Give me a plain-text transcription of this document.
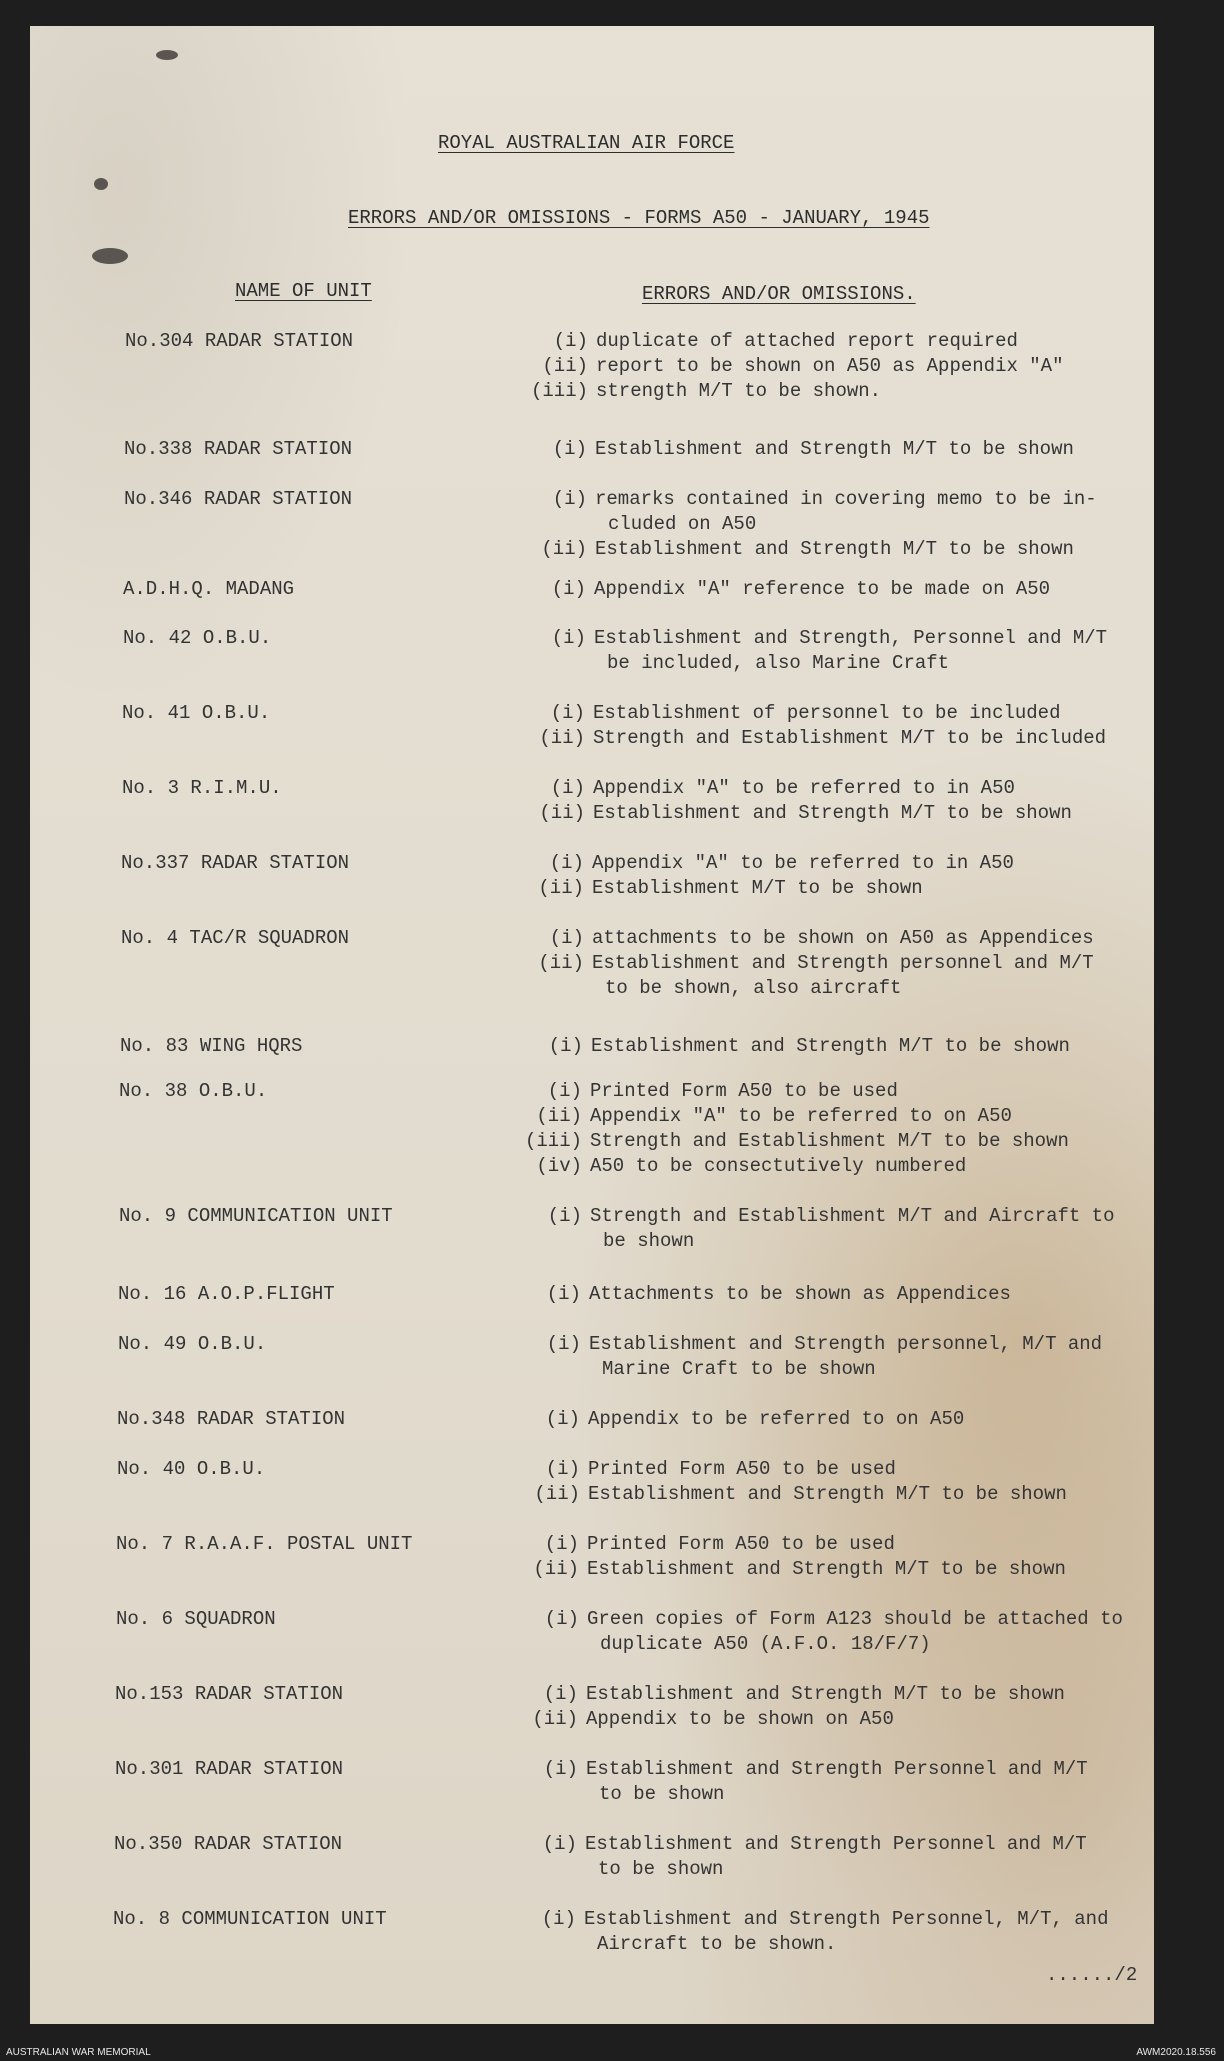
ROYAL AUSTRALIAN AIR FORCE
ERRORS AND/OR OMISSIONS - FORMS A50 - JANUARY, 1945
NAME OF UNIT	ERRORS AND/OR OMISSIONS.
No.304 RADAR STATION	(i) duplicate of attached report required
(ii) report to be shown on A50 as Appendix "A"
(iii) strength M/T to be shown.
No.338 RADAR STATION	(i) Establishment and Strength M/T to be shown
No.346 RADAR STATION	(i) remarks contained in covering memo to be in-
cluded on A50
(ii) Establishment and Strength M/T to be shown
A.D.H.Q. MADANG	(i) Appendix "A" reference to be made on A50
No. 42 O.B.U.	(i) Establishment and Strength, Personnel and M/T
be included, also Marine Craft
No. 41 O.B.U.	(i) Establishment of personnel to be included
(ii) Strength and Establishment M/T to be included
No. 3 R.I.M.U.	(i) Appendix "A" to be referred to in A50
(ii) Establishment and Strength M/T to be shown
No.337 RADAR STATION	(i) Appendix "A" to be referred to in A50
(ii) Establishment M/T to be shown
No. 4 TAC/R SQUADRON	(i) attachments to be shown on A50 as Appendices
(ii) Establishment and Strength personnel and M/T
to be shown, also aircraft
No. 83 WING HQRS	(i) Establishment and Strength M/T to be shown
No. 38 O.B.U.	(i) Printed Form A50 to be used
(ii) Appendix "A" to be referred to on A50
(iii) Strength and Establishment M/T to be shown
(iv) A50 to be consectutively numbered
No. 9 COMMUNICATION UNIT	(i) Strength and Establishment M/T and Aircraft to
be shown
No. 16 A.O.P.FLIGHT	(i) Attachments to be shown as Appendices
No. 49 O.B.U.	(i) Establishment and Strength personnel, M/T and
Marine Craft to be shown
No.348 RADAR STATION	(i) Appendix to be referred to on A50
No. 40 O.B.U.	(i) Printed Form A50 to be used
(ii) Establishment and Strength M/T to be shown
No. 7 R.A.A.F. POSTAL UNIT	(i) Printed Form A50 to be used
(ii) Establishment and Strength M/T to be shown
No. 6 SQUADRON	(i) Green copies of Form A123 should be attached to
duplicate A50 (A.F.O. 18/F/7)
No.153 RADAR STATION	(i) Establishment and Strength M/T to be shown
(ii) Appendix to be shown on A50
No.301 RADAR STATION	(i) Establishment and Strength Personnel and M/T
to be shown
No.350 RADAR STATION	(i) Establishment and Strength Personnel and M/T
to be shown
No. 8 COMMUNICATION UNIT	(i) Establishment and Strength Personnel, M/T, and
Aircraft to be shown.
....../2
AUSTRALIAN WAR MEMORIAL	AWM2020.18.556
